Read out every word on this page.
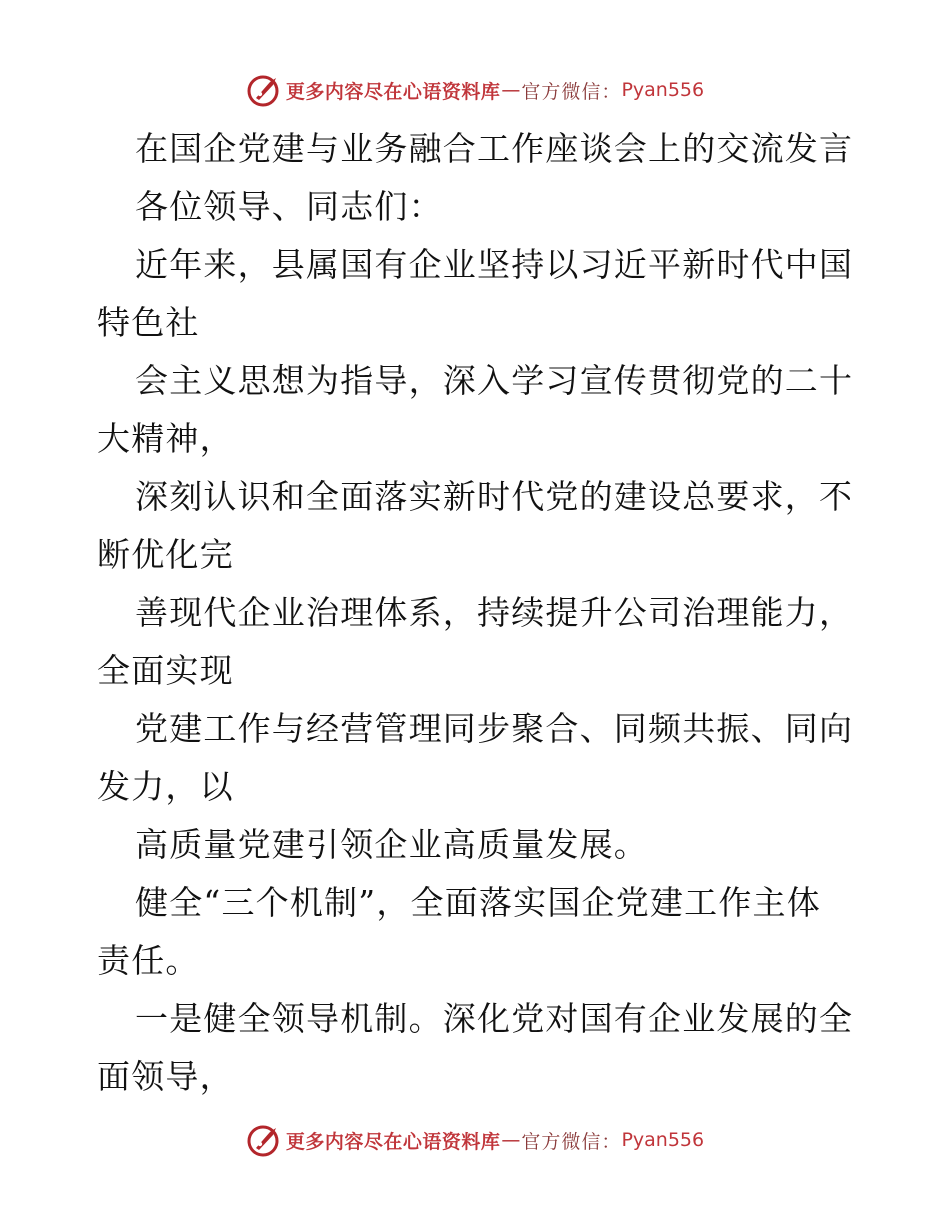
更多内容尽在心语资料库 — 官方微信： Pyan556
在国企党建与业务融合工作座谈会上的交流发言
各位领导、同志们：
近年来，县属国有企业坚持以习近平新时代中国
特色社
会主义思想为指导，深入学习宣传贯彻党的二十
大精神，
深刻认识和全面落实新时代党的建设总要求，不
断优化完
善现代企业治理体系，持续提升公司治理能力，
全面实现
党建工作与经营管理同步聚合、同频共振、同向
发力，以
高质量党建引领企业高质量发展。
健全“三个机制”，全面落实国企党建工作主体
责任。
一是健全领导机制。深化党对国有企业发展的全
面领导，
更多内容尽在心语资料库 — 官方微信： Pyan556
